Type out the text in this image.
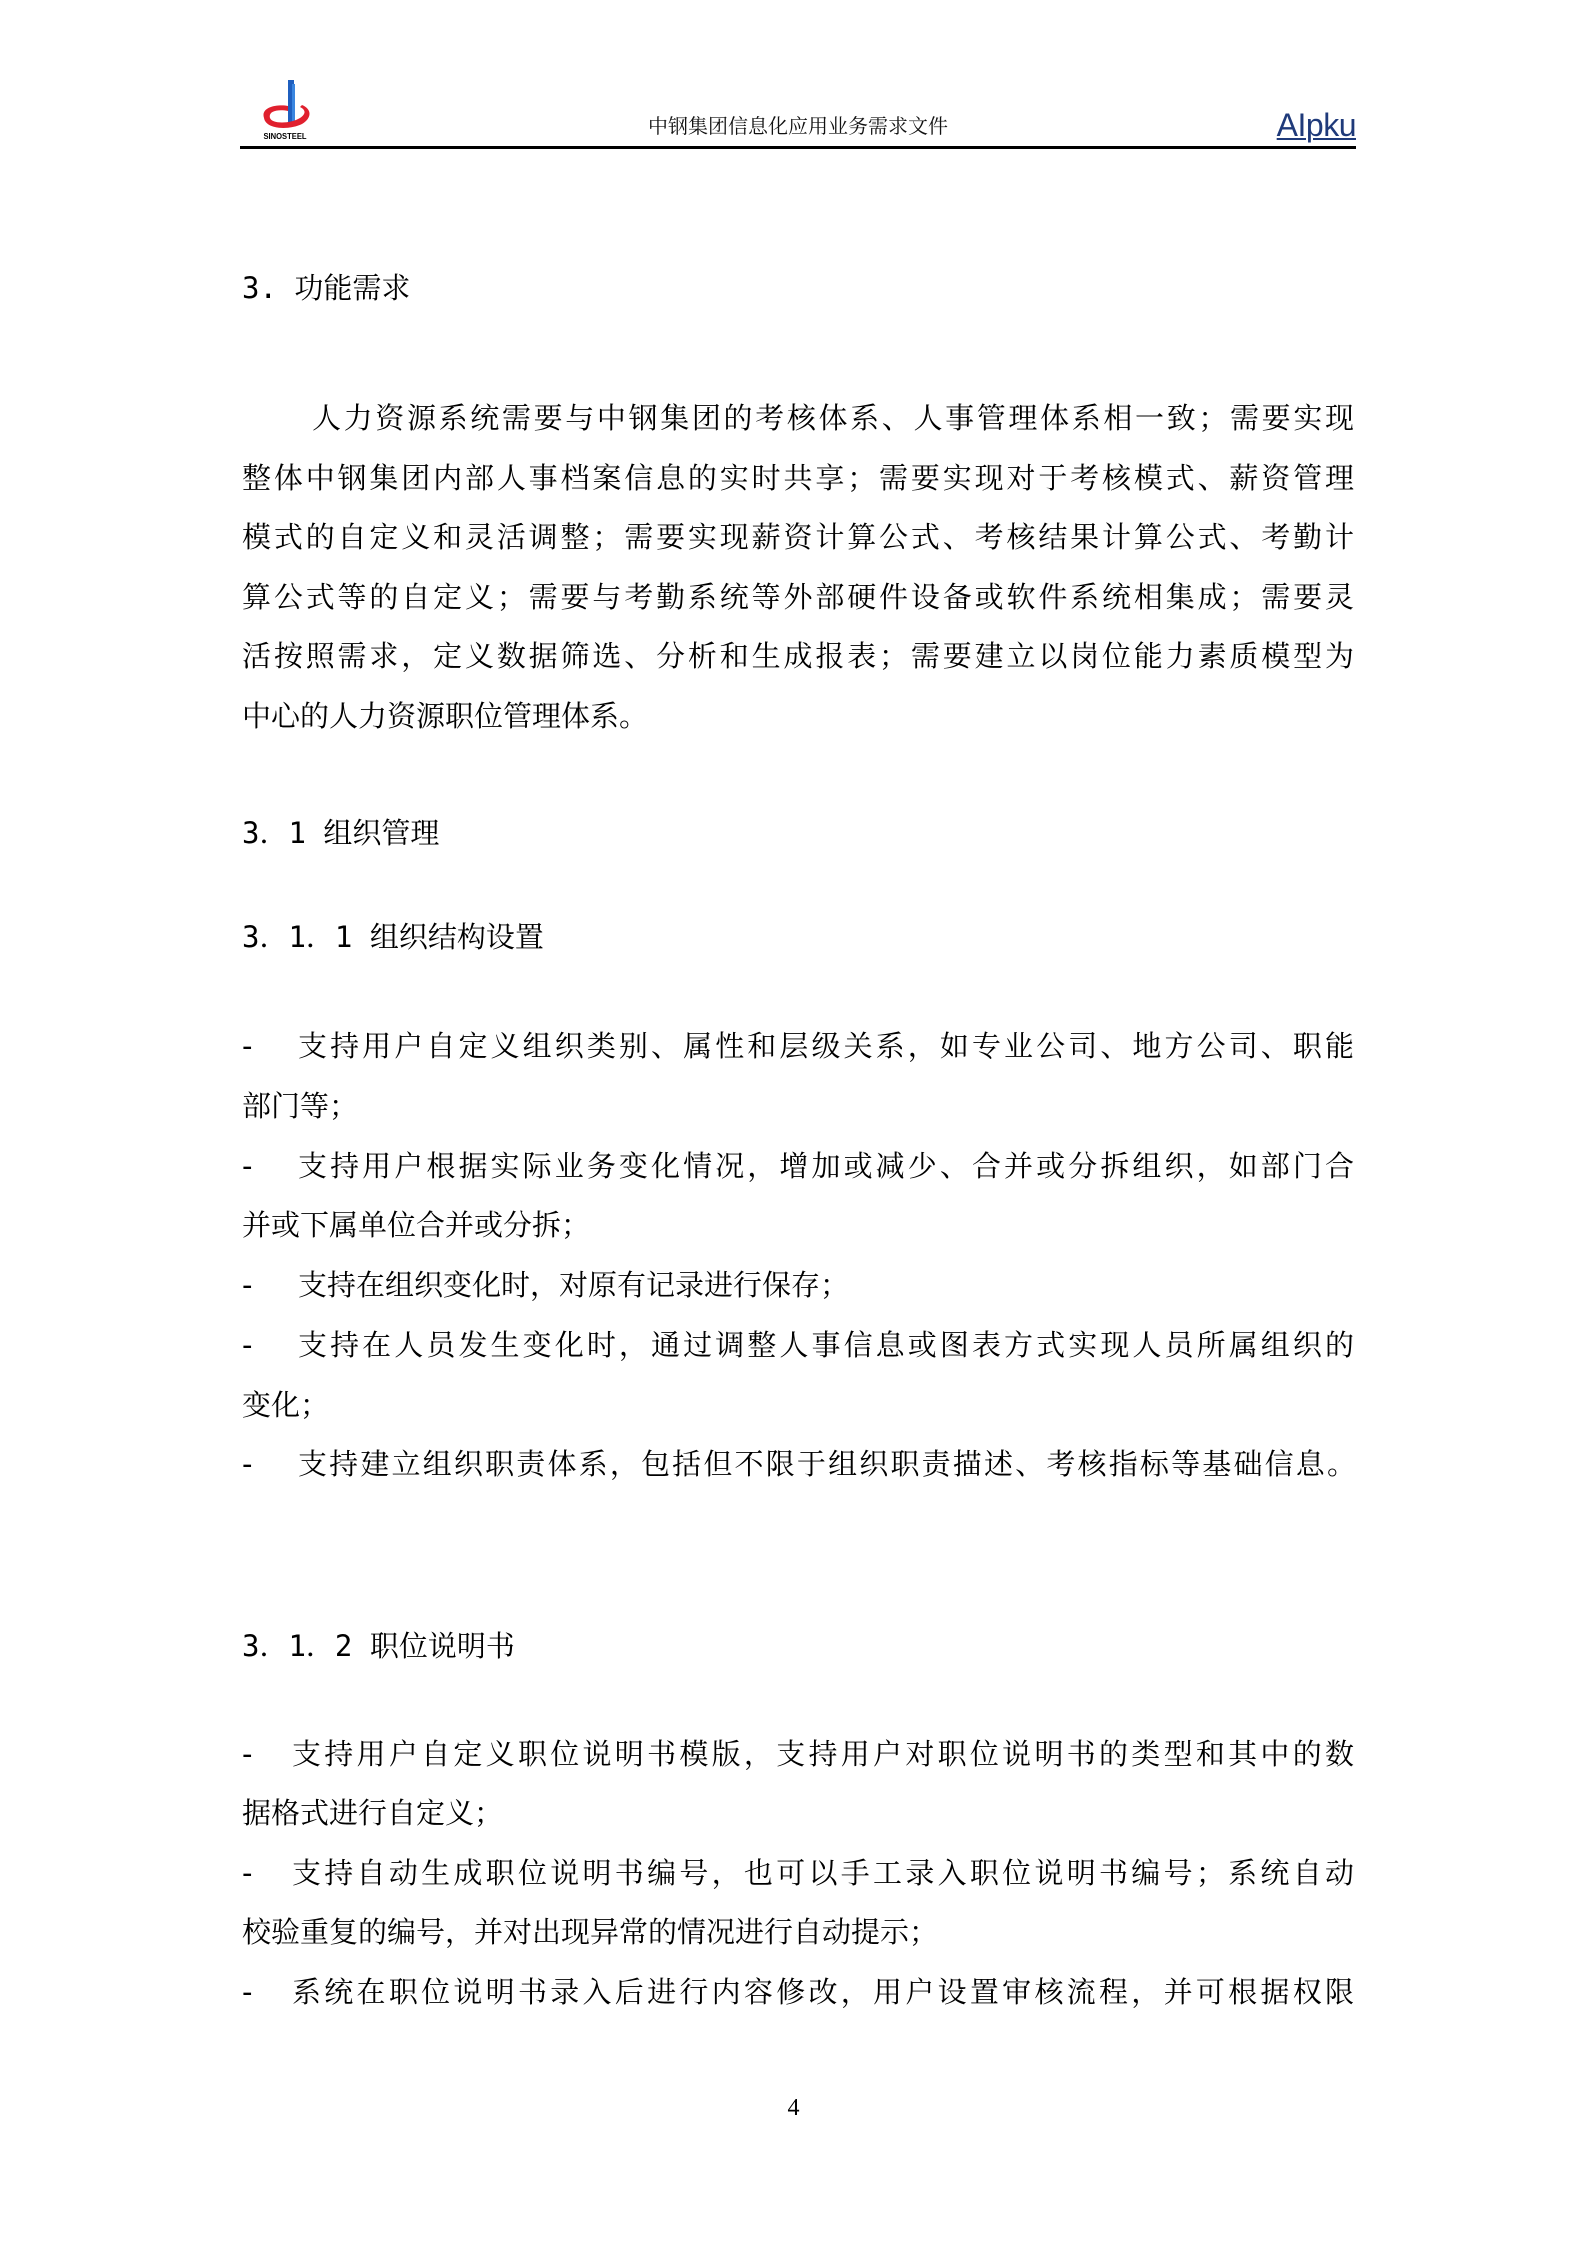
SINOSTEEL	中钢集团信息化应用业务需求文件	AIpku
3. 功能需求
人力资源系统需要与中钢集团的考核体系、人事管理体系相一致；需要实现
整体中钢集团内部人事档案信息的实时共享；需要实现对于考核模式、薪资管理
模式的自定义和灵活调整；需要实现薪资计算公式、考核结果计算公式、考勤计
算公式等的自定义；需要与考勤系统等外部硬件设备或软件系统相集成；需要灵
活按照需求，定义数据筛选、分析和生成报表；需要建立以岗位能力素质模型为
中心的人力资源职位管理体系。
3．1 组织管理
3．1．1 组织结构设置
- 支持用户自定义组织类别、属性和层级关系，如专业公司、地方公司、职能
部门等；
- 支持用户根据实际业务变化情况，增加或减少、合并或分拆组织，如部门合
并或下属单位合并或分拆；
- 支持在组织变化时，对原有记录进行保存；
- 支持在人员发生变化时，通过调整人事信息或图表方式实现人员所属组织的
变化；
- 支持建立组织职责体系，包括但不限于组织职责描述、考核指标等基础信息。
3．1．2 职位说明书
- 支持用户自定义职位说明书模版，支持用户对职位说明书的类型和其中的数
据格式进行自定义；
- 支持自动生成职位说明书编号，也可以手工录入职位说明书编号；系统自动
校验重复的编号，并对出现异常的情况进行自动提示；
- 系统在职位说明书录入后进行内容修改，用户设置审核流程，并可根据权限
4
